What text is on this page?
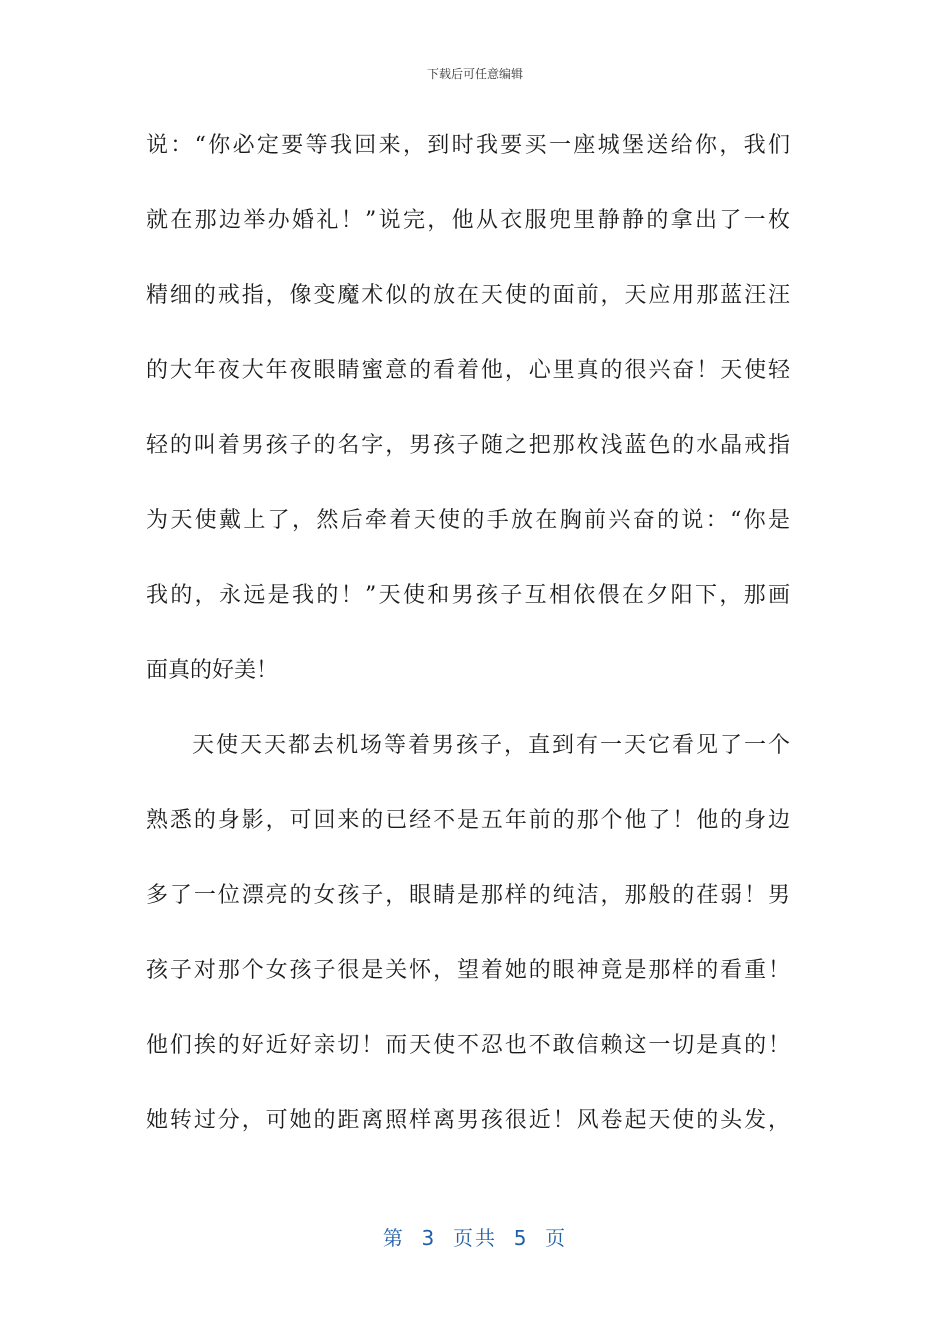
下载后可任意编辑
说：“你必定要等我回来，到时我要买一座城堡送给你，我们
就在那边举办婚礼！”说完，他从衣服兜里静静的拿出了一枚
精细的戒指，像变魔术似的放在天使的面前，天应用那蓝汪汪
的大年夜大年夜眼睛蜜意的看着他，心里真的很兴奋！天使轻
轻的叫着男孩子的名字，男孩子随之把那枚浅蓝色的水晶戒指
为天使戴上了，然后牵着天使的手放在胸前兴奋的说：“你是
我的，永远是我的！”天使和男孩子互相依偎在夕阳下，那画
面真的好美！
天使天天都去机场等着男孩子，直到有一天它看见了一个
熟悉的身影，可回来的已经不是五年前的那个他了！他的身边
多了一位漂亮的女孩子，眼睛是那样的纯洁，那般的荏弱！男
孩子对那个女孩子很是关怀，望着她的眼神竟是那样的看重！
他们挨的好近好亲切！而天使不忍也不敢信赖这一切是真的！
她转过分，可她的距离照样离男孩很近！风卷起天使的头发，
第 3 页共 5 页
